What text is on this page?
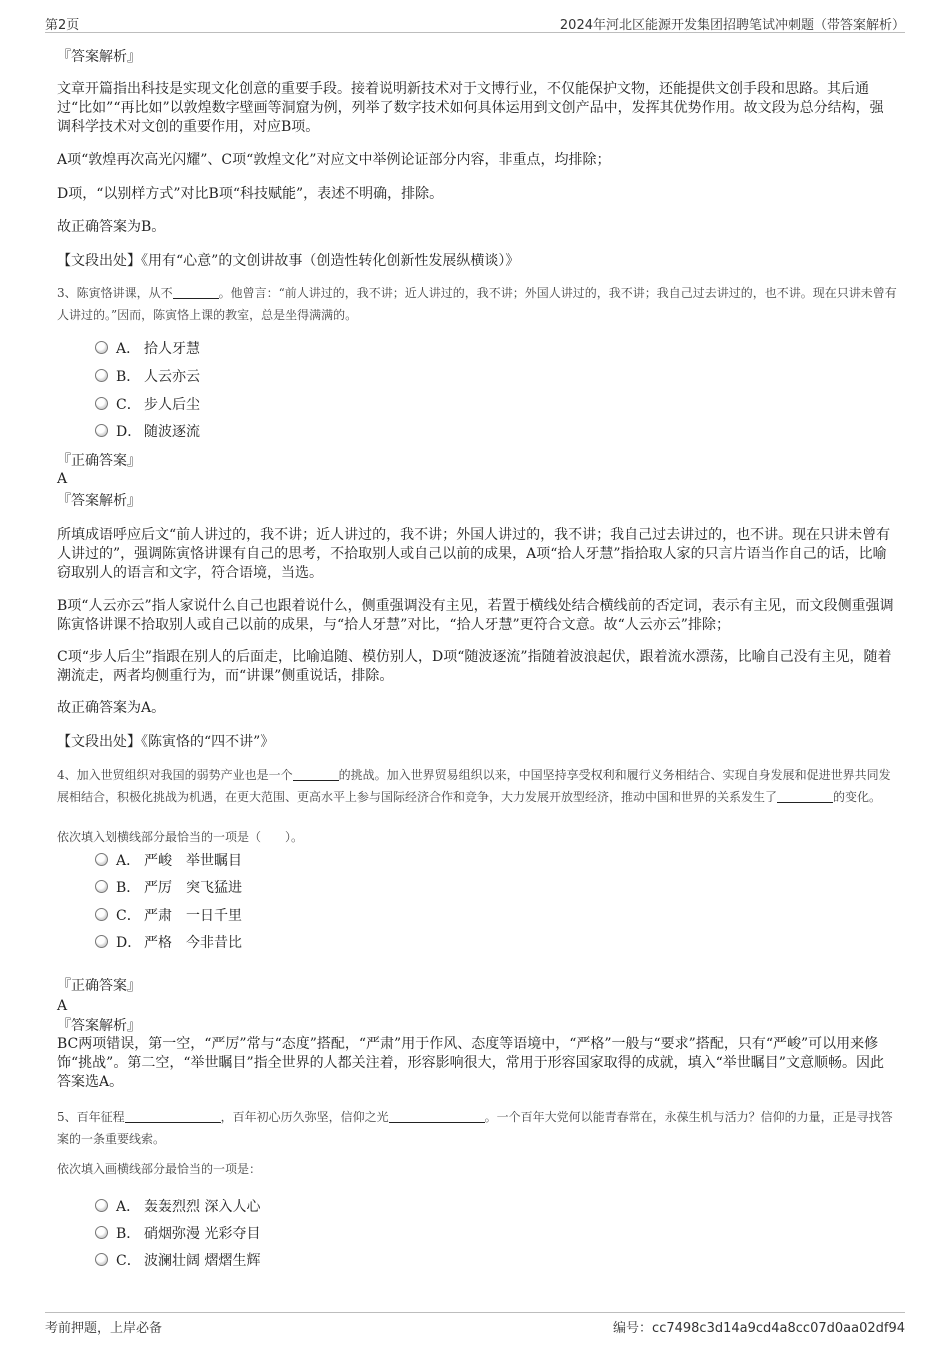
第2页	2024年河北区能源开发集团招聘笔试冲刺题（带答案解析）
『答案解析』

文章开篇指出科技是实现文化创意的重要手段。接着说明新技术对于文博行业，不仅能保护文物，还能提供文创手段和思路。其后通过“比如”“再比如”以敦煌数字壁画等洞窟为例，列举了数字技术如何具体运用到文创产品中，发挥其优势作用。故文段为总分结构，强调科学技术对文创的重要作用，对应B项。

A项“敦煌再次高光闪耀”、C项“敦煌文化”对应文中举例论证部分内容，非重点，均排除；

D项，“以别样方式”对比B项“科技赋能”，表述不明确，排除。

故正确答案为B。

【文段出处】《用有“心意”的文创讲故事（创造性转化创新性发展纵横谈）》

3、陈寅恪讲课，从不	。他曾言：“前人讲过的，我不讲；近人讲过的，我不讲；外国人讲过的，我不讲；我自己过去讲过的，也不讲。现在只讲未曾有人讲过的。”因而，陈寅恪上课的教室，总是坐得满满的。

A． 拾人牙慧
B． 人云亦云
C． 步人后尘
D． 随波逐流
『正确答案』
A
『答案解析』

所填成语呼应后文“前人讲过的，我不讲；近人讲过的，我不讲；外国人讲过的，我不讲；我自己过去讲过的，也不讲。现在只讲未曾有人讲过的”，强调陈寅恪讲课有自己的思考，不拾取别人或自己以前的成果，A项“拾人牙慧”指拾取人家的只言片语当作自己的话，比喻窃取别人的语言和文字，符合语境，当选。

B项“人云亦云”指人家说什么自己也跟着说什么，侧重强调没有主见，若置于横线处结合横线前的否定词，表示有主见，而文段侧重强调陈寅恪讲课不拾取别人或自己以前的成果，与“拾人牙慧”对比，“拾人牙慧”更符合文意。故“人云亦云”排除；

C项“步人后尘”指跟在别人的后面走，比喻追随、模仿别人，D项“随波逐流”指随着波浪起伏，跟着流水漂荡，比喻自己没有主见，随着潮流走，两者均侧重行为，而“讲课”侧重说话，排除。

故正确答案为A。

【文段出处】《陈寅恪的“四不讲”》

4、加入世贸组织对我国的弱势产业也是一个	的挑战。加入世界贸易组织以来，中国坚持享受权利和履行义务相结合、实现自身发展和促进世界共同发展相结合，积极化挑战为机遇，在更大范围、更高水平上参与国际经济合作和竞争，大力发展开放型经济，推动中国和世界的关系发生了	的变化。

依次填入划横线部分最恰当的一项是（　　）。

A． 严峻　举世瞩目
B． 严厉　突飞猛进
C． 严肃　一日千里
D． 严格　今非昔比
『正确答案』
A
『答案解析』

BC两项错误，第一空，“严厉”常与“态度”搭配，“严肃”用于作风、态度等语境中，“严格”一般与“要求”搭配，只有“严峻”可以用来修饰“挑战”。第二空，“举世瞩目”指全世界的人都关注着，形容影响很大，常用于形容国家取得的成就，填入“举世瞩目”文意顺畅。因此答案选A。

5、百年征程	，百年初心历久弥坚，信仰之光	。一个百年大党何以能青春常在，永葆生机与活力？信仰的力量，正是寻找答案的一条重要线索。

依次填入画横线部分最恰当的一项是：

A． 轰轰烈烈 深入人心
B． 硝烟弥漫 光彩夺目
C． 波澜壮阔 熠熠生辉
考前押题，上岸必备	编号：cc7498c3d14a9cd4a8cc07d0aa02df94
